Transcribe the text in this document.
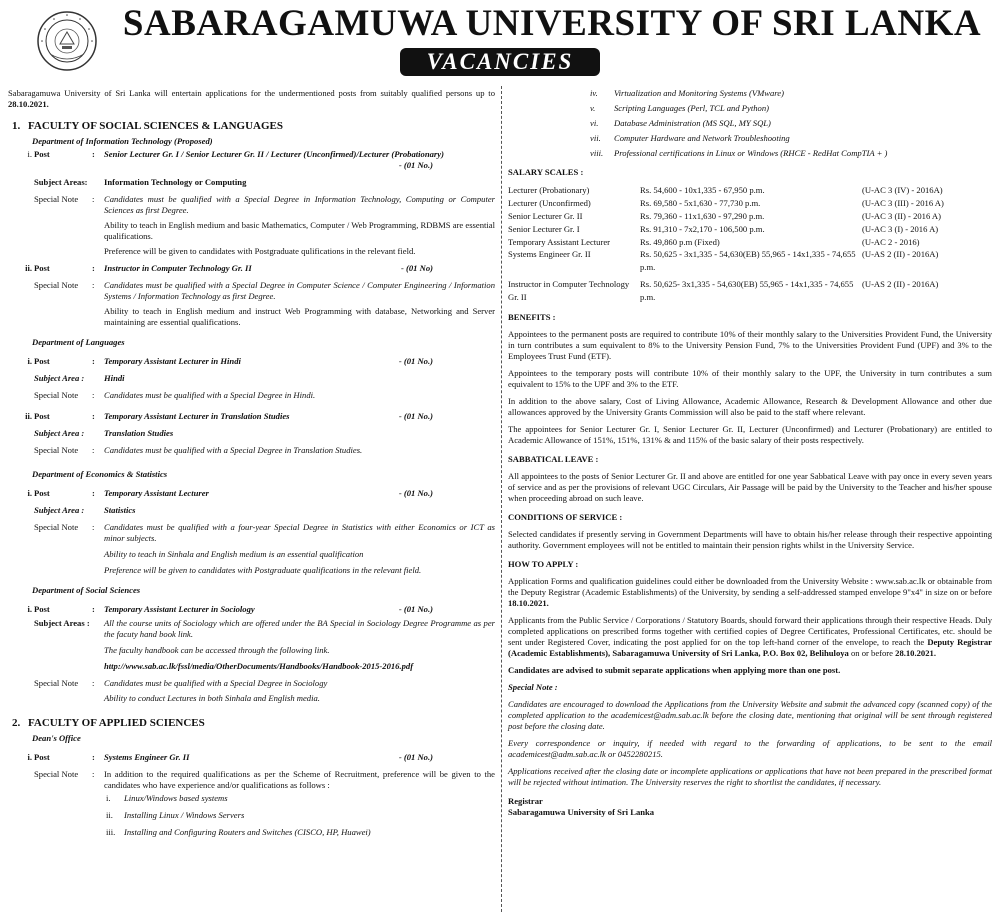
SABARAGAMUWA UNIVERSITY OF SRI LANKA
VACANCIES

Sabaragamuwa University of Sri Lanka will entertain applications for the undermentioned posts from suitably qualified persons up to 28.10.2021.

1. FACULTY OF SOCIAL SCIENCES & LANGUAGES
Department of Information Technology (Proposed)
i. Post	:	Senior Lecturer Gr. I / Senior Lecturer Gr. II / Lecturer (Unconfirmed)/Lecturer (Probationary)
- (01 No.)
Subject Areas:	Information Technology or Computing
Special Note	:	Candidates must be qualified with a Special Degree in Information Technology, Computing or Computer Sciences as first Degree.
Ability to teach in English medium and basic Mathematics, Computer / Web Programming, RDBMS are essential qualifications.
Preference will be given to candidates with Postgraduate qulifications in the relevant field.
ii. Post	:	Instructor in Computer Technology Gr. II	- (01 No)
Special Note	:	Candidates must be qualified with a Special Degree in Computer Science / Computer Engineering / Information Systems / Information Technology as first Degree.
Ability to teach in English medium and instruct Web Programming with database, Networking and Server maintaining are essential qualifications.
Department of Languages
i. Post	:	Temporary Assistant Lecturer in Hindi	- (01 No.)
Subject Area :	Hindi
Special Note	:	Candidates must be qualified with a Special Degree in Hindi.
ii. Post	:	Temporary Assistant Lecturer in Translation Studies	- (01 No.)
Subject Area :	Translation Studies
Special Note	:	Candidates must be qualified with a Special Degree in Translation Studies.
Department of Economics & Statistics
i. Post	:	Temporary Assistant Lecturer	- (01 No.)
Subject Area :	Statistics
Special Note	:	Candidates must be qualified with a four-year Special Degree in Statistics with either Economics or ICT as minor subjects.
Ability to teach in Sinhala and English medium is an essential qualification
Preference will be given to candidates with Postgraduate qualifications in the relevant field.
Department of Social Sciences
i. Post	:	Temporary Assistant Lecturer in Sociology	- (01 No.)
Subject Areas :	All the course units of Sociology which are offered under the BA Special in Sociology Degree Programme as per the facuty hand book link.
The faculty handbook can be accessed through the following link.
http://www.sab.ac.lk/fssl/media/OtherDocuments/Handbooks/Handbook-2015-2016.pdf
Special Note	:	Candidates must be qualified with a Special Degree in Sociology
Ability to conduct Lectures in both Sinhala and English media.
2. FACULTY OF APPLIED SCIENCES
Dean's Office
i. Post	:	Systems Engineer Gr. II	- (01 No.)
Special Note	:	In addition to the required qualifications as per the Scheme of Recruitment, preference will be given to the candidates who have experience and/or qualifications as follows :
i.	Linux/Windows based systems
ii.	Installing Linux / Windows Servers
iii.	Installing and Configuring Routers and Switches (CISCO, HP, Huawei)
iv.	Virtualization and Monitoring Systems (VMware)
v.	Scripting Languages (Perl, TCL and Python)
vi.	Database Administration (MS SQL, MY SQL)
vii.	Computer Hardware and Network Troubleshooting
viii.	Professional certifications in Linux or Windows (RHCE - RedHat CompTIA + )
SALARY SCALES :
Lecturer (Probationary)	Rs. 54,600 - 10x1,335 - 67,950 p.m.	(U-AC 3 (IV) - 2016A)
Lecturer (Unconfirmed)	Rs. 69,580 - 5x1,630 - 77,730 p.m.	(U-AC 3 (III) - 2016 A)
Senior Lecturer Gr. II	Rs. 79,360 - 11x1,630 - 97,290 p.m.	(U-AC 3 (II) - 2016 A)
Senior Lecturer Gr. I	Rs. 91,310 - 7x2,170 - 106,500 p.m.	(U-AC 3 (I) - 2016 A)
Temporary Assistant Lecturer	Rs. 49,860 p.m (Fixed)	(U-AC 2 - 2016)
Systems Engineer Gr. II	Rs. 50,625 - 3x1,335 - 54,630(EB) 55,965 - 14x1,335 - 74,655 p.m.	(U-AS 2 (II) - 2016A)
Instructor in Computer Technology Gr. II	Rs. 50,625- 3x1,335 - 54,630(EB) 55,965 - 14x1,335 - 74,655 p.m.	(U-AS 2 (II) - 2016A)
BENEFITS :

Appointees to the permanent posts are required to contribute 10% of their monthly salary to the Universities Provident Fund, the University in turn contributes a sum equivalent to 8% to the University Pension Fund, 7% to the Universities Provident Fund (UPF) and 3% to the Employees Trust Fund (ETF).

Appointees to the temporary posts will contribute 10% of their monthly salary to the UPF, the University in turn contributes a sum equivalent to 15% to the UPF and 3% to the ETF.

In addition to the above salary, Cost of Living Allowance, Academic Allowance, Research & Development Allowance and other due allowances approved by the University Grants Commission will also be paid to the staff where relevant.

The appointees for Senior Lecturer Gr. I, Senior Lecturer Gr. II, Lecturer (Unconfirmed) and Lecturer (Probationary) are entitled to Academic Allowance of 151%, 151%, 131% & and 115% of the basic salary of their posts respectively.

SABBATICAL LEAVE :

All appointees to the posts of Senior Lecturer Gr. II and above are entitled for one year Sabbatical Leave with pay once in every seven years of service and as per the provisions of relevant UGC Circulars, Air Passage will be paid by the University to the Teacher and his/her spouse when proceeding abroad on such leave.

CONDITIONS OF SERVICE :

Selected candidates if presently serving in Government Departments will have to obtain his/her release through their respective appointing authority. Government employees will not be entitled to maintain their pension rights whilst in the University Service.

HOW TO APPLY :

Application Forms and qualification guidelines could either be downloaded from the University Website : www.sab.ac.lk or obtainable from the Deputy Registrar (Academic Establishments) of the University, by sending a self-addressed stamped envelope 9"x4" in size on or before 18.10.2021.

Applicants from the Public Service / Corporations / Statutory Boards, should forward their applications through their respective Heads. Duly completed applications on prescribed forms together with certified copies of Degree Certificates, Professional Certificates, etc. should be sent under Registered Cover, indicating the post applied for on the top left-hand corner of the envelope, to reach the Deputy Registrar (Academic Establishments), Sabaragamuwa University of Sri Lanka, P.O. Box 02, Belihuloya on or before 28.10.2021.

Candidates are advised to submit separate applications when applying more than one post.

Special Note :

Candidates are encouraged to download the Applications from the University Website and submit the advanced copy (scanned copy) of the completed application to the academicest@adm.sab.ac.lk before the closing date, mentioning that original will be sent through registered post before the closing date.

Every correspondence or inquiry, if needed with regard to the forwarding of applications, to be sent to the email academicest@adm.sab.ac.lk or 0452280215.

Applications received after the closing date or incomplete applications or applications that have not been prepared in the prescribed format will be rejected without intimation. The University reserves the right to shortlist the candidates, if necessary.

Registrar
Sabaragamuwa University of Sri Lanka
